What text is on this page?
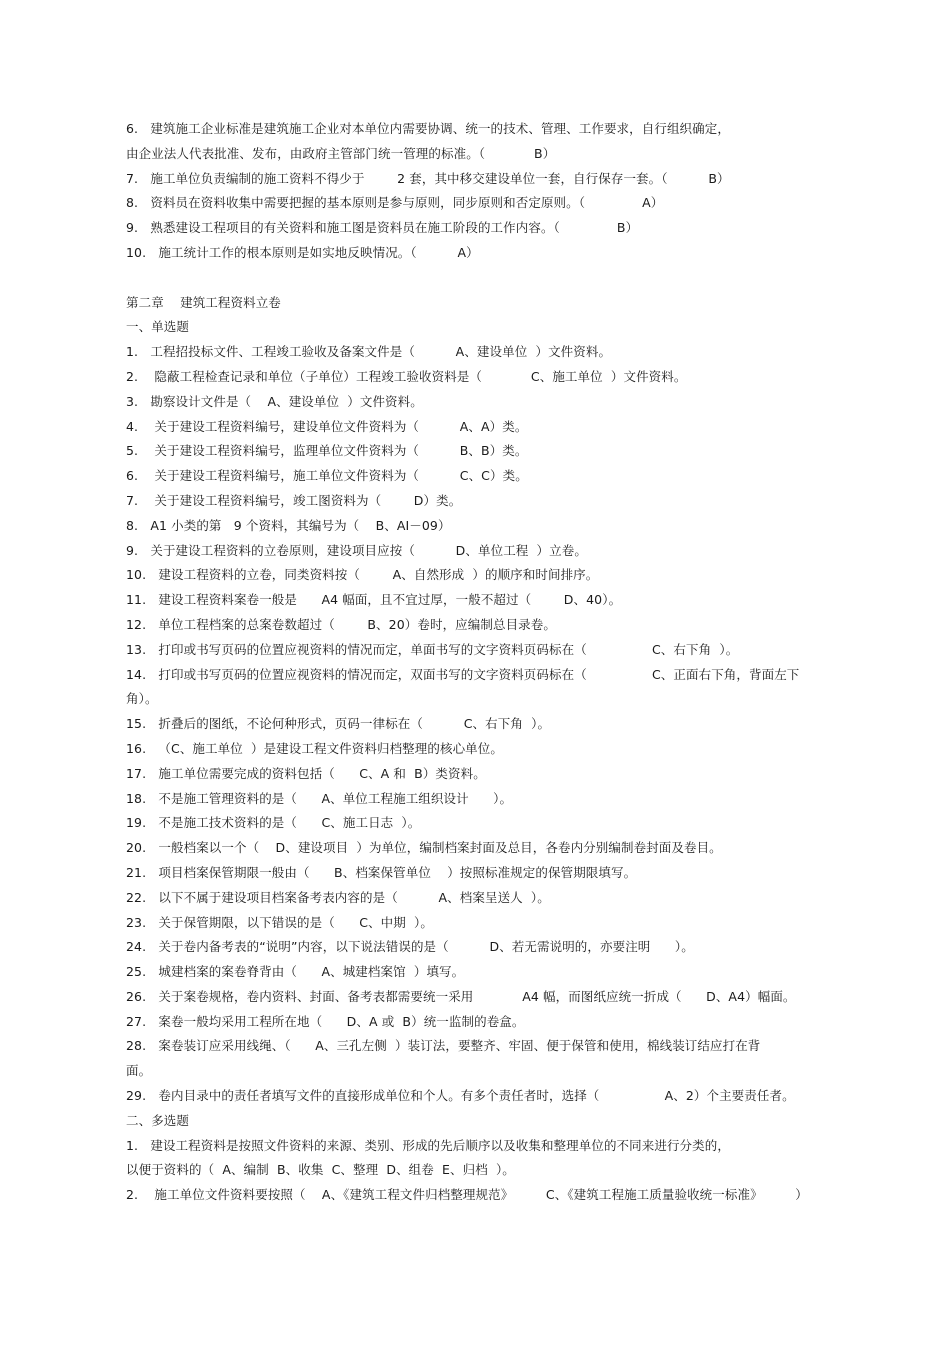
6.   建筑施工企业标准是建筑施工企业对本单位内需要协调、统一的技术、管理、工作要求，自行组织确定，
由企业法人代表批准、发布，由政府主管部门统一管理的标准。（            B）
7.   施工单位负责编制的施工资料不得少于        2 套，其中移交建设单位一套，自行保存一套。（          B）
8.   资料员在资料收集中需要把握的基本原则是参与原则，同步原则和否定原则。（              A）
9.   熟悉建设工程项目的有关资料和施工图是资料员在施工阶段的工作内容。（              B）
10.   施工统计工作的根本原则是如实地反映情况。（          A）
第二章    建筑工程资料立卷
一、单选题
1.   工程招投标文件、工程竣工验收及备案文件是（          A、建设单位  ）文件资料。
2.    隐蔽工程检查记录和单位（子单位）工程竣工验收资料是（            C、施工单位  ）文件资料。
3.   勘察设计文件是（    A、建设单位  ）文件资料。
4.    关于建设工程资料编号，建设单位文件资料为（          A、A）类。
5.    关于建设工程资料编号，监理单位文件资料为（          B、B）类。
6.    关于建设工程资料编号，施工单位文件资料为（          C、C）类。
7.    关于建设工程资料编号，竣工图资料为（        D）类。
8.   A1 小类的第   9 个资料，其编号为（    B、AI－09）
9.   关于建设工程资料的立卷原则，建设项目应按（          D、单位工程  ）立卷。
10.   建设工程资料的立卷，同类资料按（        A、自然形成  ）的顺序和时间排序。
11.   建设工程资料案卷一般是      A4 幅面，且不宜过厚，一般不超过（        D、40）。
12.   单位工程档案的总案卷数超过（        B、20）卷时，应编制总目录卷。
13.   打印或书写页码的位置应视资料的情况而定，单面书写的文字资料页码标在（                C、右下角  ）。
14.   打印或书写页码的位置应视资料的情况而定，双面书写的文字资料页码标在（                C、正面右下角，背面左下
角）。
15.   折叠后的图纸，不论何种形式，页码一律标在（          C、右下角  ）。
16.   （C、施工单位  ）是建设工程文件资料归档整理的核心单位。
17.   施工单位需要完成的资料包括（      C、A 和  B）类资料。
18.   不是施工管理资料的是（      A、单位工程施工组织设计      ）。
19.   不是施工技术资料的是（      C、施工日志  ）。
20.   一般档案以一个（    D、建设项目  ）为单位，编制档案封面及总目，各卷内分别编制卷封面及卷目。
21.   项目档案保管期限一般由（      B、档案保管单位    ）按照标准规定的保管期限填写。
22.   以下不属于建设项目档案备考表内容的是（          A、档案呈送人  ）。
23.   关于保管期限，以下错误的是（      C、中期  ）。
24.   关于卷内备考表的“说明”内容，以下说法错误的是（          D、若无需说明的，亦要注明      ）。
25.   城建档案的案卷脊背由（      A、城建档案馆  ）填写。
26.   关于案卷规格，卷内资料、封面、备考表都需要统一采用            A4 幅，而图纸应统一折成（      D、A4）幅面。
27.   案卷一般均采用工程所在地（      D、A 或  B）统一监制的卷盒。
28.   案卷装订应采用线绳、（      A、三孔左侧  ）装订法，要整齐、牢固、便于保管和使用，棉线装订结应打在背
面。
29.   卷内目录中的责任者填写文件的直接形成单位和个人。有多个责任者时，选择（                A、2）个主要责任者。
二、多选题
1.   建设工程资料是按照文件资料的来源、类别、形成的先后顺序以及收集和整理单位的不同来进行分类的，
以便于资料的（  A、编制  B、收集  C、整理  D、组卷  E、归档  ）。
2.    施工单位文件资料要按照（    A、《建筑工程文件归档整理规范》        C、《建筑工程施工质量验收统一标准》        ）
